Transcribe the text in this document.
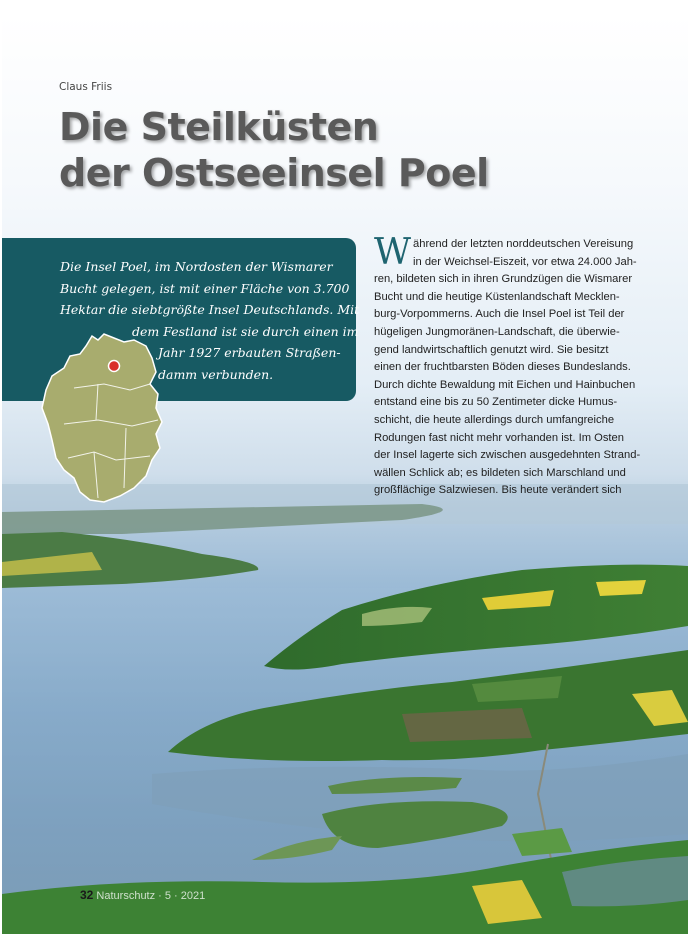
Claus Friis

Die Steilküsten
der Ostseeinsel Poel

Die Insel Poel, im Nordosten der Wismarer
Bucht gelegen, ist mit einer Fläche von 3.700
Hektar die siebtgrößte Insel Deutschlands. Mit
dem Festland ist sie durch einen im
Jahr 1927 erbauten Straßen-
damm verbunden.

W ährend der letzten norddeutschen Vereisung
in der Weichsel-Eiszeit, vor etwa 24.000 Jah-
ren, bildeten sich in ihren Grundzügen die Wismarer
Bucht und die heutige Küstenlandschaft Mecklen-
burg-Vorpommerns. Auch die Insel Poel ist Teil der
hügeligen Jungmoränen-Landschaft, die überwie-
gend landwirtschaftlich genutzt wird. Sie besitzt
einen der fruchtbarsten Böden dieses Bundeslands.
Durch dichte Bewaldung mit Eichen und Hainbuchen
entstand eine bis zu 50 Zentimeter dicke Humus-
schicht, die heute allerdings durch umfangreiche
Rodungen fast nicht mehr vorhanden ist. Im Osten
der Insel lagerte sich zwischen ausgedehnten Strand-
wällen Schlick ab; es bildeten sich Marschland und
großflächige Salzwiesen. Bis heute verändert sich

32 Naturschutz · 5 · 2021
